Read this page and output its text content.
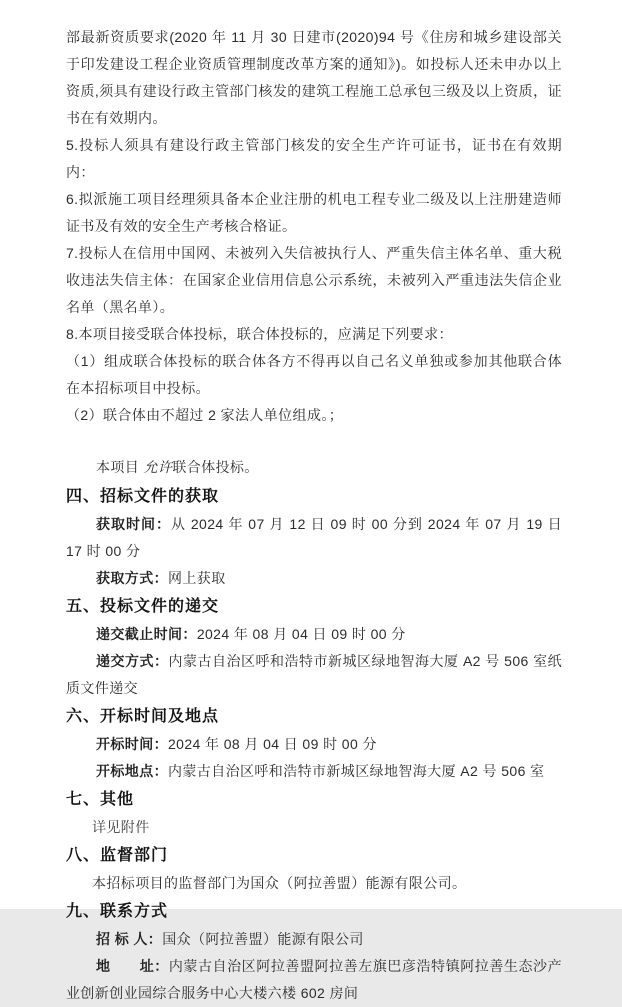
部最新资质要求(2020 年 11 月 30 日建市(2020)94 号《住房和城乡建设部关于印发建设工程企业资质管理制度改革方案的通知》)。如投标人还未申办以上资质,须具有建设行政主管部门核发的建筑工程施工总承包三级及以上资质，证书在有效期内。

5.投标人须具有建设行政主管部门核发的安全生产许可证书，证书在有效期内：

6.拟派施工项目经理须具备本企业注册的机电工程专业二级及以上注册建造师证书及有效的安全生产考核合格证。

7.投标人在信用中国网、未被列入失信被执行人、严重失信主体名单、重大税收违法失信主体：在国家企业信用信息公示系统，未被列入严重违法失信企业名单（黑名单）。

8.本项目接受联合体投标，联合体投标的，应满足下列要求：

（1）组成联合体投标的联合体各方不得再以自己名义单独或参加其他联合体在本招标项目中投标。

（2）联合体由不超过 2 家法人单位组成。；

本项目 允许联合体投标。

四、招标文件的获取

获取时间：从 2024 年 07 月 12 日 09 时 00 分到 2024 年 07 月 19 日 17 时 00 分

获取方式：网上获取

五、投标文件的递交

递交截止时间：2024 年 08 月 04 日 09 时 00 分

递交方式：内蒙古自治区呼和浩特市新城区绿地智海大厦 A2 号 506 室纸质文件递交

六、开标时间及地点

开标时间：2024 年 08 月 04 日 09 时 00 分

开标地点：内蒙古自治区呼和浩特市新城区绿地智海大厦 A2 号 506 室

七、其他

详见附件

八、监督部门

本招标项目的监督部门为国众（阿拉善盟）能源有限公司。

九、联系方式

招 标 人：国众（阿拉善盟）能源有限公司

地　　址：内蒙古自治区阿拉善盟阿拉善左旗巴彦浩特镇阿拉善生态沙产业创新创业园综合服务中心大楼六楼 602 房间
